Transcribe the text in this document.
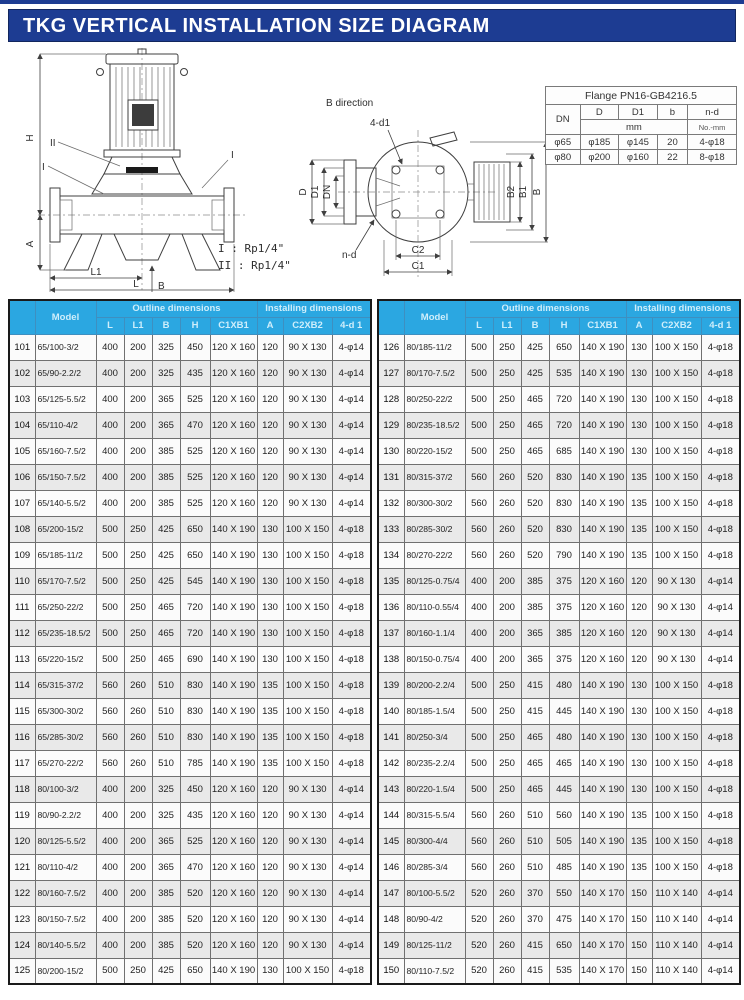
TKG VERTICAL INSTALLATION SIZE DIAGRAM
H
A
L1
L B
II
I
I
B direction
D D1 DN
n-d
4-d1
B2 B1 B
C2
C1
I : Rp1/4"
II : Rp1/4"
Flange PN16-GB4216.5				
DN	D	D1	b	n-d
	mm			No.-mm
φ65	φ185	φ145	20	4-φ18
φ80	φ200	φ160	22	8-φ18
	Model	Outline dimensions					Installing dimensions		
		L	L1	B	H	C1XB1	A	C2XB2	4-d 1
101	65/100-3/2	400	200	325	450	120 X 160	120	90 X 130	4-φ14
102	65/90-2.2/2	400	200	325	435	120 X 160	120	90 X 130	4-φ14
103	65/125-5.5/2	400	200	365	525	120 X 160	120	90 X 130	4-φ14
104	65/110-4/2	400	200	365	470	120 X 160	120	90 X 130	4-φ14
105	65/160-7.5/2	400	200	385	525	120 X 160	120	90 X 130	4-φ14
106	65/150-7.5/2	400	200	385	525	120 X 160	120	90 X 130	4-φ14
107	65/140-5.5/2	400	200	385	525	120 X 160	120	90 X 130	4-φ14
108	65/200-15/2	500	250	425	650	140 X 190	130	100 X 150	4-φ18
109	65/185-11/2	500	250	425	650	140 X 190	130	100 X 150	4-φ18
110	65/170-7.5/2	500	250	425	545	140 X 190	130	100 X 150	4-φ18
111	65/250-22/2	500	250	465	720	140 X 190	130	100 X 150	4-φ18
112	65/235-18.5/2	500	250	465	720	140 X 190	130	100 X 150	4-φ18
113	65/220-15/2	500	250	465	690	140 X 190	130	100 X 150	4-φ18
114	65/315-37/2	560	260	510	830	140 X 190	135	100 X 150	4-φ18
115	65/300-30/2	560	260	510	830	140 X 190	135	100 X 150	4-φ18
116	65/285-30/2	560	260	510	830	140 X 190	135	100 X 150	4-φ18
117	65/270-22/2	560	260	510	785	140 X 190	135	100 X 150	4-φ18
118	80/100-3/2	400	200	325	450	120 X 160	120	90 X 130	4-φ14
119	80/90-2.2/2	400	200	325	435	120 X 160	120	90 X 130	4-φ14
120	80/125-5.5/2	400	200	365	525	120 X 160	120	90 X 130	4-φ14
121	80/110-4/2	400	200	365	470	120 X 160	120	90 X 130	4-φ14
122	80/160-7.5/2	400	200	385	520	120 X 160	120	90 X 130	4-φ14
123	80/150-7.5/2	400	200	385	520	120 X 160	120	90 X 130	4-φ14
124	80/140-5.5/2	400	200	385	520	120 X 160	120	90 X 130	4-φ14
125	80/200-15/2	500	250	425	650	140 X 190	130	100 X 150	4-φ18
	Model	Outline dimensions					Installing dimensions		
		L	L1	B	H	C1XB1	A	C2XB2	4-d 1
126	80/185-11/2	500	250	425	650	140 X 190	130	100 X 150	4-φ18
127	80/170-7.5/2	500	250	425	535	140 X 190	130	100 X 150	4-φ18
128	80/250-22/2	500	250	465	720	140 X 190	130	100 X 150	4-φ18
129	80/235-18.5/2	500	250	465	720	140 X 190	130	100 X 150	4-φ18
130	80/220-15/2	500	250	465	685	140 X 190	130	100 X 150	4-φ18
131	80/315-37/2	560	260	520	830	140 X 190	135	100 X 150	4-φ18
132	80/300-30/2	560	260	520	830	140 X 190	135	100 X 150	4-φ18
133	80/285-30/2	560	260	520	830	140 X 190	135	100 X 150	4-φ18
134	80/270-22/2	560	260	520	790	140 X 190	135	100 X 150	4-φ18
135	80/125-0.75/4	400	200	385	375	120 X 160	120	90 X 130	4-φ14
136	80/110-0.55/4	400	200	385	375	120 X 160	120	90 X 130	4-φ14
137	80/160-1.1/4	400	200	365	385	120 X 160	120	90 X 130	4-φ14
138	80/150-0.75/4	400	200	365	375	120 X 160	120	90 X 130	4-φ14
139	80/200-2.2/4	500	250	415	480	140 X 190	130	100 X 150	4-φ18
140	80/185-1.5/4	500	250	415	445	140 X 190	130	100 X 150	4-φ18
141	80/250-3/4	500	250	465	480	140 X 190	130	100 X 150	4-φ18
142	80/235-2.2/4	500	250	465	465	140 X 190	130	100 X 150	4-φ18
143	80/220-1.5/4	500	250	465	445	140 X 190	130	100 X 150	4-φ18
144	80/315-5.5/4	560	260	510	560	140 X 190	135	100 X 150	4-φ18
145	80/300-4/4	560	260	510	505	140 X 190	135	100 X 150	4-φ18
146	80/285-3/4	560	260	510	485	140 X 190	135	100 X 150	4-φ18
147	80/100-5.5/2	520	260	370	550	140 X 170	150	110 X 140	4-φ14
148	80/90-4/2	520	260	370	475	140 X 170	150	110 X 140	4-φ14
149	80/125-11/2	520	260	415	650	140 X 170	150	110 X 140	4-φ14
150	80/110-7.5/2	520	260	415	535	140 X 170	150	110 X 140	4-φ14
